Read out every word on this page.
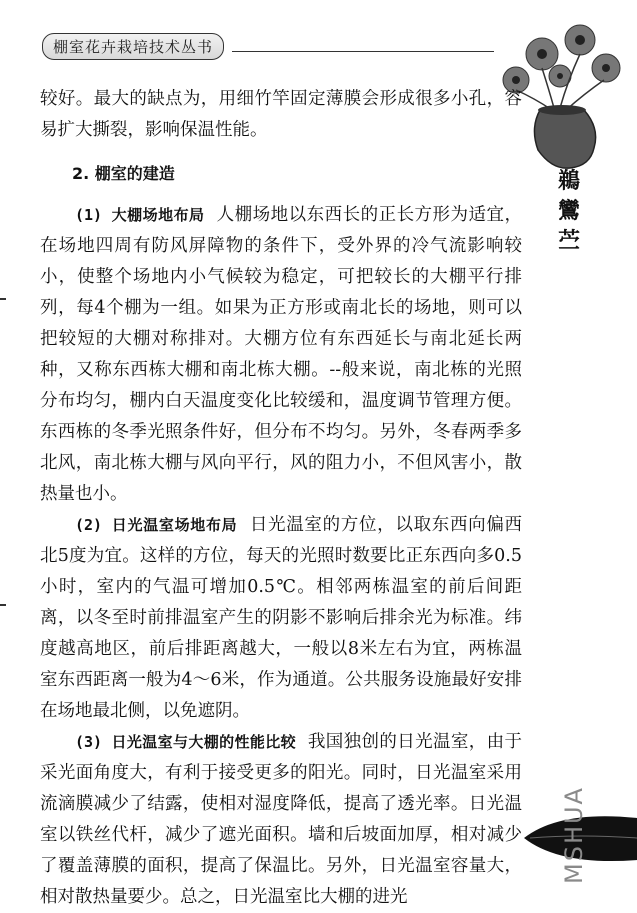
棚室花卉栽培技术丛书
鵜鸞苎

较好。最大的缺点为，用细竹竿固定薄膜会形成很多小孔，容易扩大撕裂，影响保温性能。

2. 棚室的建造

(1) 大棚场地布局 人棚场地以东西长的正长方形为适宜，在场地四周有防风屏障物的条件下，受外界的冷气流影响较小，使整个场地内小气候较为稳定，可把较长的大棚平行排列，每4个棚为一组。如果为正方形或南北长的场地，则可以把较短的大棚对称排对。大棚方位有东西延长与南北延长两种，又称东西栋大棚和南北栋大棚。--般来说，南北栋的光照分布均匀，棚内白天温度变化比较缓和，温度调节管理方便。东西栋的冬季光照条件好，但分布不均匀。另外，冬春两季多北风，南北栋大棚与风向平行，风的阻力小，不但风害小，散热量也小。

(2) 日光温室场地布局 日光温室的方位，以取东西向偏西北5度为宜。这样的方位，每天的光照时数要比正东西向多0.5小时，室内的气温可增加0.5℃。相邻两栋温室的前后间距离，以冬至时前排温室产生的阴影不影响后排余光为标准。纬度越高地区，前后排距离越大，一般以8米左右为宜，两栋温室东西距离一般为4～6米，作为通道。公共服务设施最好安排在场地最北侧，以免遮阴。

(3) 日光温室与大棚的性能比较 我国独创的日光温室，由于采光面角度大，有利于接受更多的阳光。同时，日光温室采用流滴膜减少了结露，使相对湿度降低，提高了透光率。日光温室以铁丝代杆，减少了遮光面积。墙和后坡面加厚，相对减少了覆盖薄膜的面积，提高了保温比。另外，日光温室容量大，相对散热量要少。总之，日光温室比大棚的进光

MSHUA
